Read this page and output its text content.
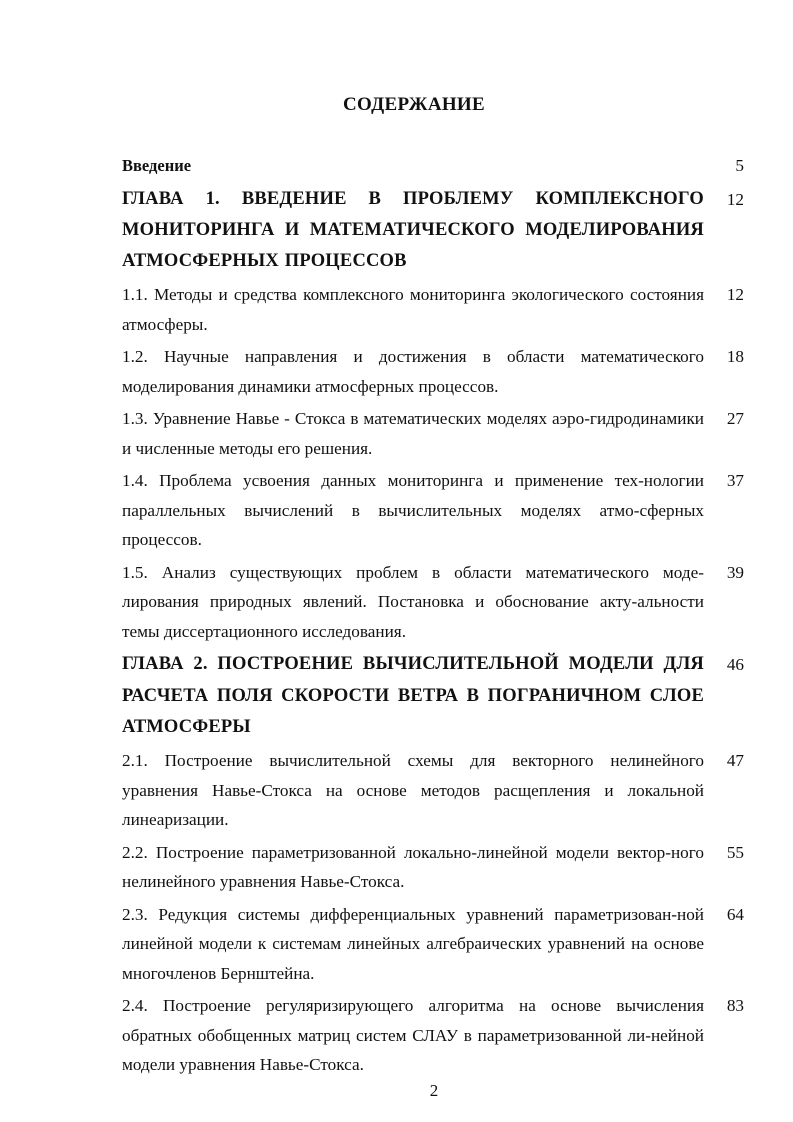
СОДЕРЖАНИЕ
Введение	5
ГЛАВА 1. ВВЕДЕНИЕ В ПРОБЛЕМУ КОМПЛЕКСНОГО МОНИТОРИНГА И МАТЕМАТИЧЕСКОГО МОДЕЛИРОВАНИЯ АТМОСФЕРНЫХ ПРОЦЕССОВ
12
1.1. Методы и средства комплексного мониторинга экологического состояния атмосферы.
12
1.2. Научные направления и достижения в области математического моделирования динамики атмосферных процессов.
18
1.3. Уравнение Навье - Стокса в математических моделях аэро-гидродинамики и численные методы его решения.
27
1.4. Проблема усвоения данных мониторинга и применение тех-нологии параллельных вычислений в вычислительных моделях атмо-сферных процессов.
37
1.5. Анализ существующих проблем в области математического моде-лирования природных явлений. Постановка и обоснование акту-альности темы диссертационного исследования.
39
ГЛАВА 2. ПОСТРОЕНИЕ ВЫЧИСЛИТЕЛЬНОЙ МОДЕЛИ ДЛЯ РАСЧЕТА ПОЛЯ СКОРОСТИ ВЕТРА В ПОГРАНИЧНОМ СЛОЕ АТМОСФЕРЫ
46
2.1. Построение вычислительной схемы для векторного нелинейного уравнения Навье-Стокса на основе методов расщепления и локальной линеаризации.
47
2.2. Построение параметризованной локально-линейной модели вектор-ного нелинейного уравнения Навье-Стокса.
55
2.3. Редукция системы дифференциальных уравнений параметризован-ной линейной модели к системам линейных алгебраических уравнений на основе многочленов Бернштейна.
64
2.4. Построение регуляризирующего алгоритма на основе вычисления обратных обобщенных матриц систем СЛАУ в параметризованной ли-нейной модели уравнения Навье-Стокса.
83
2
